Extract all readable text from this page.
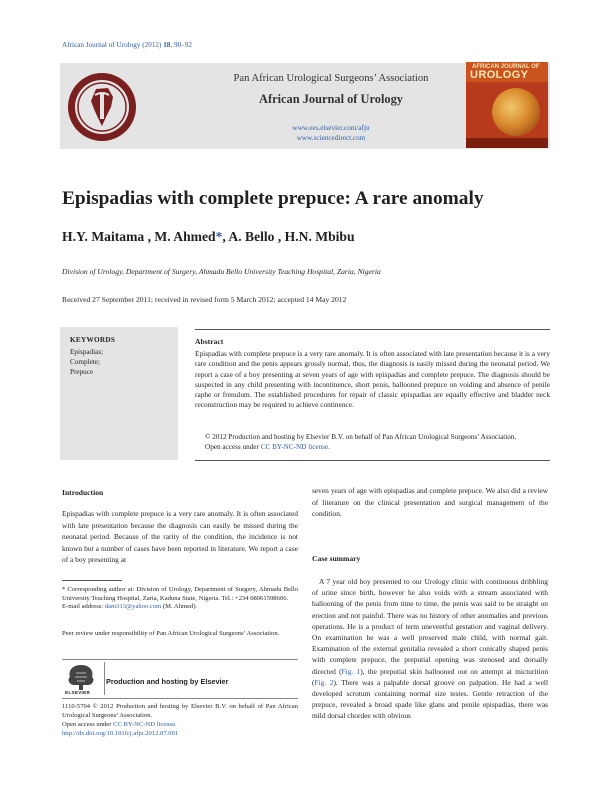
African Journal of Urology (2012) 18, 90–92
Pan African Urological Surgeons’ Association
African Journal of Urology
www.ees.elsevier.com/afju
www.sciencedirect.com
AFRICAN JOURNAL OF
UROLOGY
Epispadias with complete prepuce: A rare anomaly
H.Y. Maitama , M. Ahmed*, A. Bello , H.N. Mbibu
Division of Urology, Department of Surgery, Ahmadu Bello University Teaching Hospital, Zaria, Nigeria
Received 27 September 2011; received in revised form 5 March 2012; accepted 14 May 2012
KEYWORDS
Epispadias;
Complete;
Prepuce
Abstract
Epispadias with complete prepuce is a very rare anomaly. It is often associated with late presentation because it is a very rare condition and the penis appears grossly normal, thus, the diagnosis is easily missed during the neonatal period. We report a case of a boy presenting at seven years of age with epispadias and complete prepuce. The diagnosis should be suspected in any child presenting with incontinence, short penis, ballooned prepuce on voiding and absence of penile raphe or frenulum. The established procedures for repair of classic epispadias are equally effective and bladder neck reconstruction may be required to achieve continence.
© 2012 Production and hosting by Elsevier B.V. on behalf of Pan African Urological Surgeons’ Association.
Open access under CC BY-NC-ND license.
Introduction

Epispadias with complete prepuce is a very rare anomaly. It is often associated with late presentation because the diagnosis can easily be missed during the neonatal period. Because of the rarity of the condition, the incidence is not known but a number of cases have been reported in literature. We report a case of a boy presenting at

* Corresponding author at: Division of Urology, Department of Surgery, Ahmadu Bello University Teaching Hospital, Zaria, Kaduna State, Nigeria. Tel.: +234 08061598606.
E-mail address: dam313@yahoo.com (M. Ahmed).
Peer review under responsibility of Pan African Urological Surgeons’ Association.
ELSEVIER
Production and hosting by Elsevier
1110-5704 © 2012 Production and hosting by Elsevier B.V. on behalf of Pan African Urological Surgeons’ Association.
Open access under CC BY-NC-ND license.
http://dx.doi.org/10.1016/j.afju.2012.07.001
seven years of age with epispadias and complete prepuce. We also did a review of literature on the clinical presentation and surgical management of the condition.
Case summary

A 7 year old boy presented to our Urology clinic with continuous dribbling of urine since birth, however he also voids with a stream associated with ballooning of the penis from time to time, the penis was said to be straight on erection and not painful. There was no history of other anomalies and previous operations. He is a product of term uneventful gestation and vaginal delivery. On examination he was a well preserved male child, with normal gait. Examination of the external genitalia revealed a short conically shaped penis with complete prepuce, the preputial opening was stenosed and dorsally directed (Fig. 1), the preputial skin ballooned out on attempt at micturition (Fig. 2). There was a palpable dorsal groove on palpation. He had a well developed scrotum containing normal size testes. Gentle retraction of the prepuce, revealed a broad spade like glans and penile epispadias, there was mild dorsal chordee with obvious
